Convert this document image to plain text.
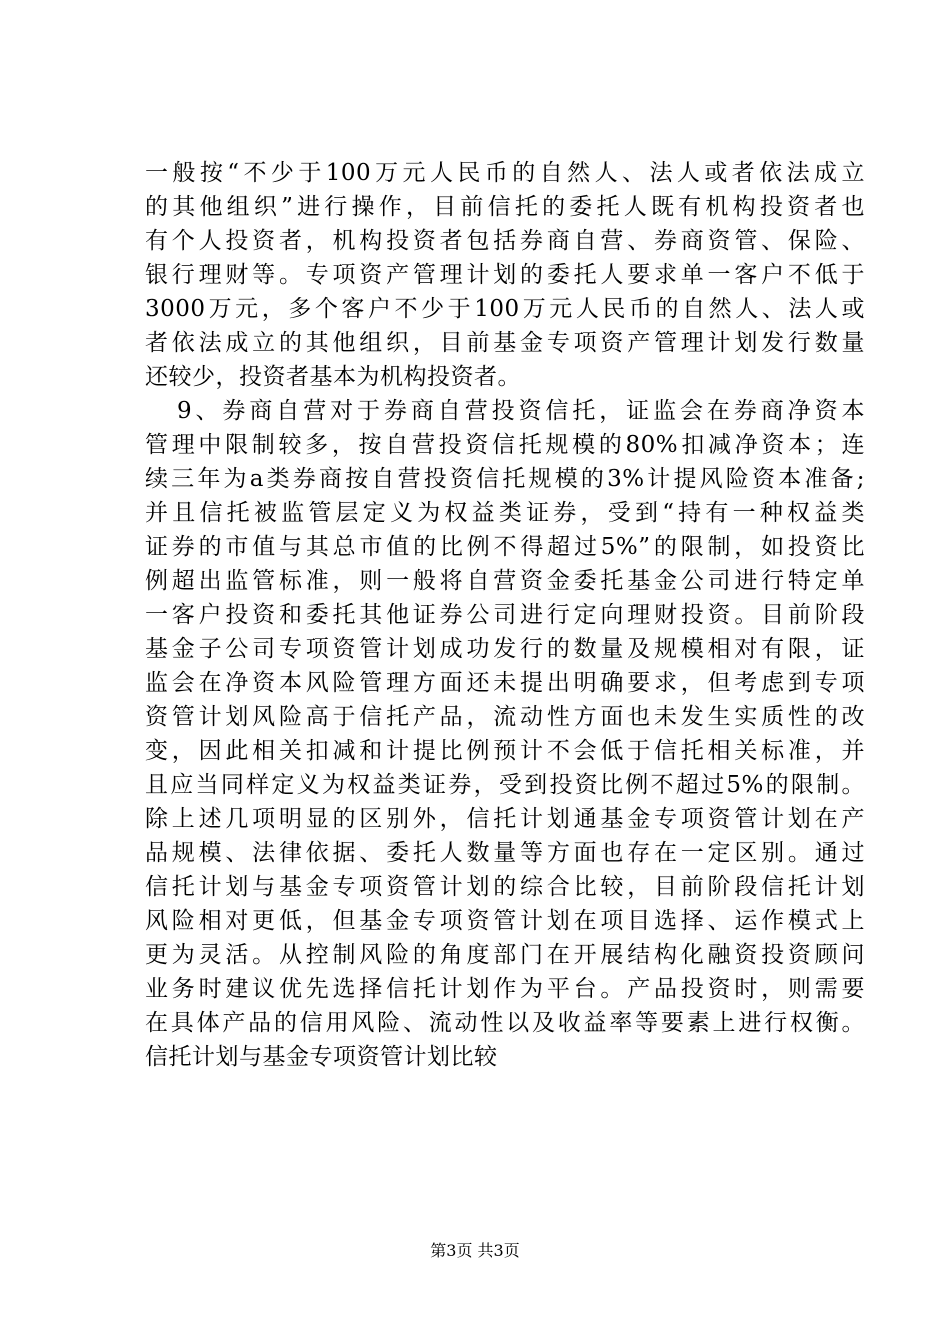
一般按“不少于100万元人民币的自然人、法人或者依法成立
的其他组织”进行操作，目前信托的委托人既有机构投资者也
有个人投资者，机构投资者包括券商自营、券商资管、保险、
银行理财等。专项资产管理计划的委托人要求单一客户不低于
3000万元，多个客户不少于100万元人民币的自然人、法人或
者依法成立的其他组织，目前基金专项资产管理计划发行数量
还较少，投资者基本为机构投资者。
9、券商自营对于券商自营投资信托，证监会在券商净资本
管理中限制较多，按自营投资信托规模的80%扣减净资本；连
续三年为a类券商按自营投资信托规模的3%计提风险资本准备;
并且信托被监管层定义为权益类证券，受到“持有一种权益类
证券的市值与其总市值的比例不得超过5%”的限制，如投资比
例超出监管标准，则一般将自营资金委托基金公司进行特定单
一客户投资和委托其他证券公司进行定向理财投资。目前阶段
基金子公司专项资管计划成功发行的数量及规模相对有限，证
监会在净资本风险管理方面还未提出明确要求，但考虑到专项
资管计划风险高于信托产品，流动性方面也未发生实质性的改
变，因此相关扣减和计提比例预计不会低于信托相关标准，并
且应当同样定义为权益类证券，受到投资比例不超过5%的限制。
除上述几项明显的区别外，信托计划通基金专项资管计划在产
品规模、法律依据、委托人数量等方面也存在一定区别。通过
信托计划与基金专项资管计划的综合比较，目前阶段信托计划
风险相对更低，但基金专项资管计划在项目选择、运作模式上
更为灵活。从控制风险的角度部门在开展结构化融资投资顾问
业务时建议优先选择信托计划作为平台。产品投资时，则需要
在具体产品的信用风险、流动性以及收益率等要素上进行权衡。
信托计划与基金专项资管计划比较
第3页 共3页
